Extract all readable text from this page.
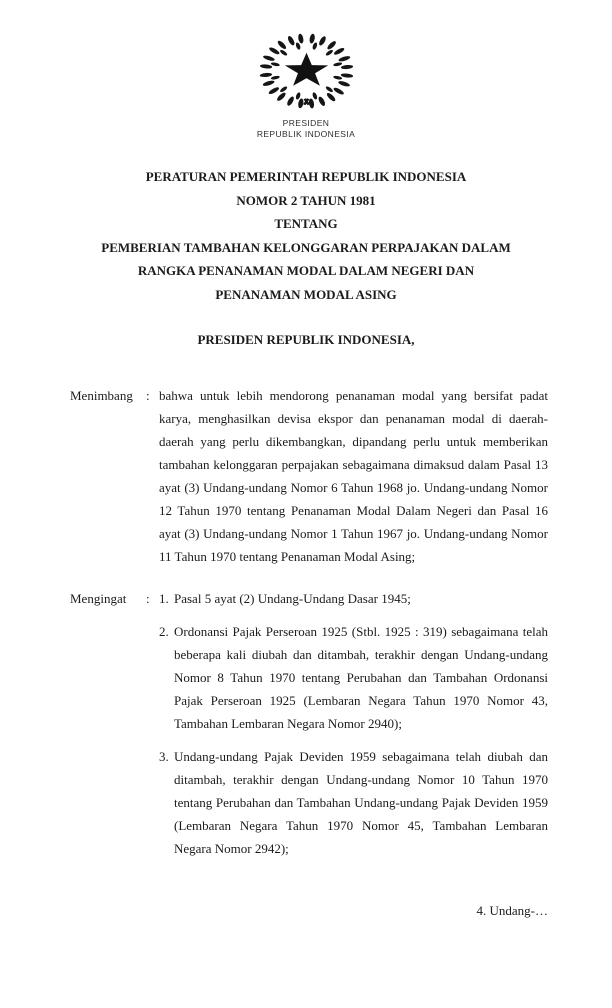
PRESIDEN
REPUBLIK INDONESIA
PERATURAN PEMERINTAH REPUBLIK INDONESIA
NOMOR 2 TAHUN 1981
TENTANG
PEMBERIAN TAMBAHAN KELONGGARAN PERPAJAKAN DALAM
RANGKA PENANAMAN MODAL DALAM NEGERI DAN
PENANAMAN MODAL ASING
PRESIDEN REPUBLIK INDONESIA,
Menimbang	: bahwa untuk lebih mendorong penanaman modal yang bersifat padat karya, menghasilkan devisa ekspor dan penanaman modal di daerah-daerah yang perlu dikembangkan, dipandang perlu untuk memberikan tambahan kelonggaran perpajakan sebagaimana dimaksud dalam Pasal 13 ayat (3) Undang-undang Nomor 6 Tahun 1968 jo. Undang-undang Nomor 12 Tahun 1970 tentang Penanaman Modal Dalam Negeri dan Pasal 16 ayat (3) Undang-undang Nomor 1 Tahun 1967 jo. Undang-undang Nomor 11 Tahun 1970 tentang Penanaman Modal Asing;
Mengingat	: 1. Pasal 5 ayat (2) Undang-Undang Dasar 1945;
2. Ordonansi Pajak Perseroan 1925 (Stbl. 1925 : 319) sebagaimana telah beberapa kali diubah dan ditambah, terakhir dengan Undang-undang Nomor 8 Tahun 1970 tentang Perubahan dan Tambahan Ordonansi Pajak Perseroan 1925 (Lembaran Negara Tahun 1970 Nomor 43, Tambahan Lembaran Negara Nomor 2940);
3. Undang-undang Pajak Deviden 1959 sebagaimana telah diubah dan ditambah, terakhir dengan Undang-undang Nomor 10 Tahun 1970 tentang Perubahan dan Tambahan Undang-undang Pajak Deviden 1959 (Lembaran Negara Tahun 1970 Nomor 45, Tambahan Lembaran Negara Nomor 2942);
4. Undang-…
